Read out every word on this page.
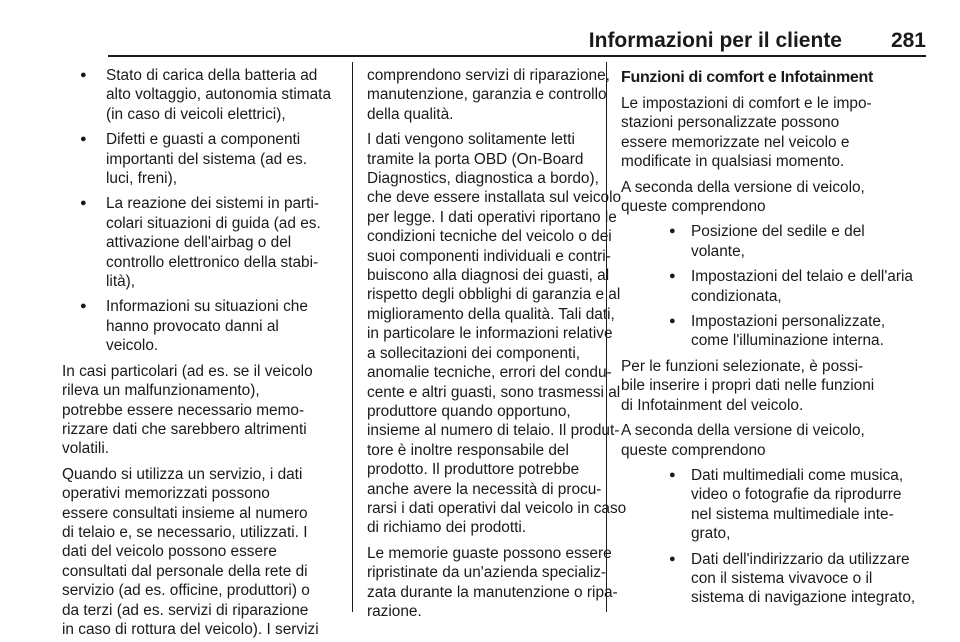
Informazioni per il cliente 281
● Stato di carica della batteria ad
alto voltaggio, autonomia stimata
(in caso di veicoli elettrici),
● Difetti e guasti a componenti
importanti del sistema (ad es.
luci, freni),
● La reazione dei sistemi in parti-
colari situazioni di guida (ad es.
attivazione dell'airbag o del
controllo elettronico della stabi-
lità),
● Informazioni su situazioni che
hanno provocato danni al
veicolo.

In casi particolari (ad es. se il veicolo
rileva un malfunzionamento),
potrebbe essere necessario memo-
rizzare dati che sarebbero altrimenti
volatili.

Quando si utilizza un servizio, i dati
operativi memorizzati possono
essere consultati insieme al numero
di telaio e, se necessario, utilizzati. I
dati del veicolo possono essere
consultati dal personale della rete di
servizio (ad es. officine, produttori) o
da terzi (ad es. servizi di riparazione
in caso di rottura del veicolo). I servizi

comprendono servizi di riparazione,
manutenzione, garanzia e controllo
della qualità.

I dati vengono solitamente letti
tramite la porta OBD (On-Board
Diagnostics, diagnostica a bordo),
che deve essere installata sul veicolo
per legge. I dati operativi riportano le
condizioni tecniche del veicolo o dei
suoi componenti individuali e contri-
buiscono alla diagnosi dei guasti, al
rispetto degli obblighi di garanzia e al
miglioramento della qualità. Tali dati,
in particolare le informazioni relative
a sollecitazioni dei componenti,
anomalie tecniche, errori del condu-
cente e altri guasti, sono trasmessi al
produttore quando opportuno,
insieme al numero di telaio. Il produt-
tore è inoltre responsabile del
prodotto. Il produttore potrebbe
anche avere la necessità di procu-
rarsi i dati operativi dal veicolo in caso
di richiamo dei prodotti.

Le memorie guaste possono essere
ripristinate da un'azienda specializ-
zata durante la manutenzione o ripa-
razione.

Funzioni di comfort e Infotainment

Le impostazioni di comfort e le impo-
stazioni personalizzate possono
essere memorizzate nel veicolo e
modificate in qualsiasi momento.

A seconda della versione di veicolo,
queste comprendono

● Posizione del sedile e del
volante,
● Impostazioni del telaio e dell'aria
condizionata,
● Impostazioni personalizzate,
come l'illuminazione interna.

Per le funzioni selezionate, è possi-
bile inserire i propri dati nelle funzioni
di Infotainment del veicolo.

A seconda della versione di veicolo,
queste comprendono

● Dati multimediali come musica,
video o fotografie da riprodurre
nel sistema multimediale inte-
grato,
● Dati dell'indirizzario da utilizzare
con il sistema vivavoce o il
sistema di navigazione integrato,
